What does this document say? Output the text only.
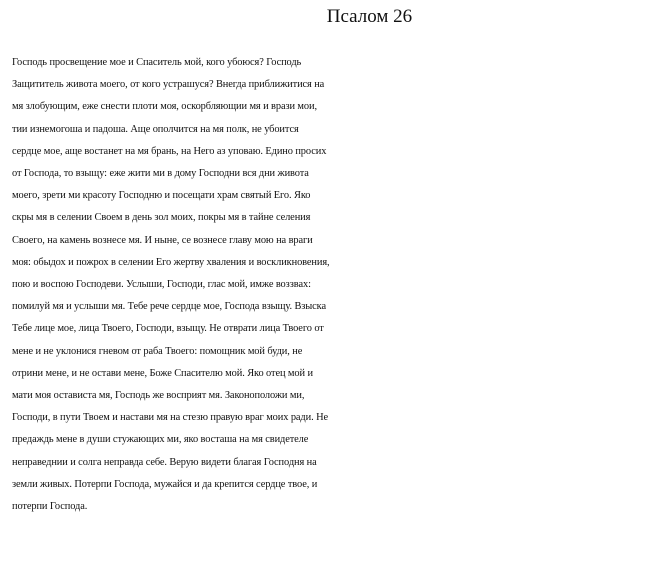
Псалом 26
Господь просвещение мое и Спаситель мой, кого убоюся? Господь
Защититель живота моего, от кого устрашуся? Внегда приближитися на
мя злобующим, еже снести плоти моя, оскорбляющии мя и врази мои,
тии изнемогоша и падоша. Аще ополчится на мя полк, не убоится
сердце мое, аще востанет на мя брань, на Него аз уповаю. Едино просих
от Господа, то взыщу: еже жити ми в дому Господни вся дни живота
моего, зрети ми красоту Господню и посещати храм святый Его. Яко
скры мя в селении Своем в день зол моих, покры мя в тайне селения
Своего, на камень вознесе мя. И ныне, се вознесе главу мою на враги
моя: обыдох и пожрох в селении Его жертву хваления и воскликновения,
пою и воспою Господеви. Услыши, Господи, глас мой, имже воззвах:
помилуй мя и услыши мя. Тебе рече сердце мое, Господа взыщу. Взыска
Тебе лице мое, лица Твоего, Господи, взыщу. Не отврати лица Твоего от
мене и не уклонися гневом от раба Твоего: помощник мой буди, не
отрини мене, и не остави мене, Боже Спасителю мой. Яко отец мой и
мати моя остависта мя, Господь же восприят мя. Законоположи ми,
Господи, в пути Твоем и настави мя на стезю правую враг моих ради. Не
предаждь мене в души стужающих ми, яко восташа на мя свидетеле
неправеднии и солга неправда себе. Верую видети благая Господня на
земли живых. Потерпи Господа, мужайся и да крепится сердце твое, и
потерпи Господа.
